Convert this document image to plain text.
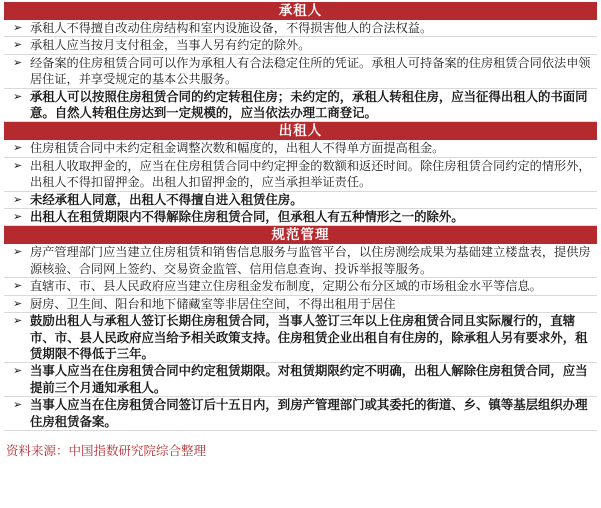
承租人
➢ 承租人不得擅自改动住房结构和室内设施设备，不得损害他人的合法权益。
➢ 承租人应当按月支付租金，当事人另有约定的除外。
➢ 经备案的住房租赁合同可以作为承租人有合法稳定住所的凭证。承租人可持备案的住房租赁合同依法申领居住证，并享受规定的基本公共服务。
➢ 承租人可以按照住房租赁合同的约定转租住房；未约定的，承租人转租住房，应当征得出租人的书面同意。自然人转租住房达到一定规模的，应当依法办理工商登记。
出租人
➢ 住房租赁合同中未约定租金调整次数和幅度的，出租人不得单方面提高租金。
➢ 出租人收取押金的，应当在住房租赁合同中约定押金的数额和返还时间。除住房租赁合同约定的情形外，出租人不得扣留押金。出租人扣留押金的，应当承担举证责任。
➢ 未经承租人同意，出租人不得擅自进入租赁住房。
➢ 出租人在租赁期限内不得解除住房租赁合同，但承租人有五种情形之一的除外。
规范管理
➢ 房产管理部门应当建立住房租赁和销售信息服务与监管平台，以住房测绘成果为基础建立楼盘表，提供房源核验、合同网上签约、交易资金监管、信用信息查询、投诉举报等服务。
➢ 直辖市、市、县人民政府应当建立住房租金发布制度，定期公布分区域的市场租金水平等信息。
➢ 厨房、卫生间、阳台和地下储藏室等非居住空间，不得出租用于居住
➢ 鼓励出租人与承租人签订长期住房租赁合同，当事人签订三年以上住房租赁合同且实际履行的，直辖市、市、县人民政府应当给予相关政策支持。住房租赁企业出租自有住房的，除承租人另有要求外，租赁期限不得低于三年。
➢ 当事人应当在住房租赁合同中约定租赁期限。对租赁期限约定不明确，出租人解除住房租赁合同，应当提前三个月通知承租人。
➢ 当事人应当在住房租赁合同签订后十五日内，到房产管理部门或其委托的街道、乡、镇等基层组织办理住房租赁备案。
资料来源：中国指数研究院综合整理
